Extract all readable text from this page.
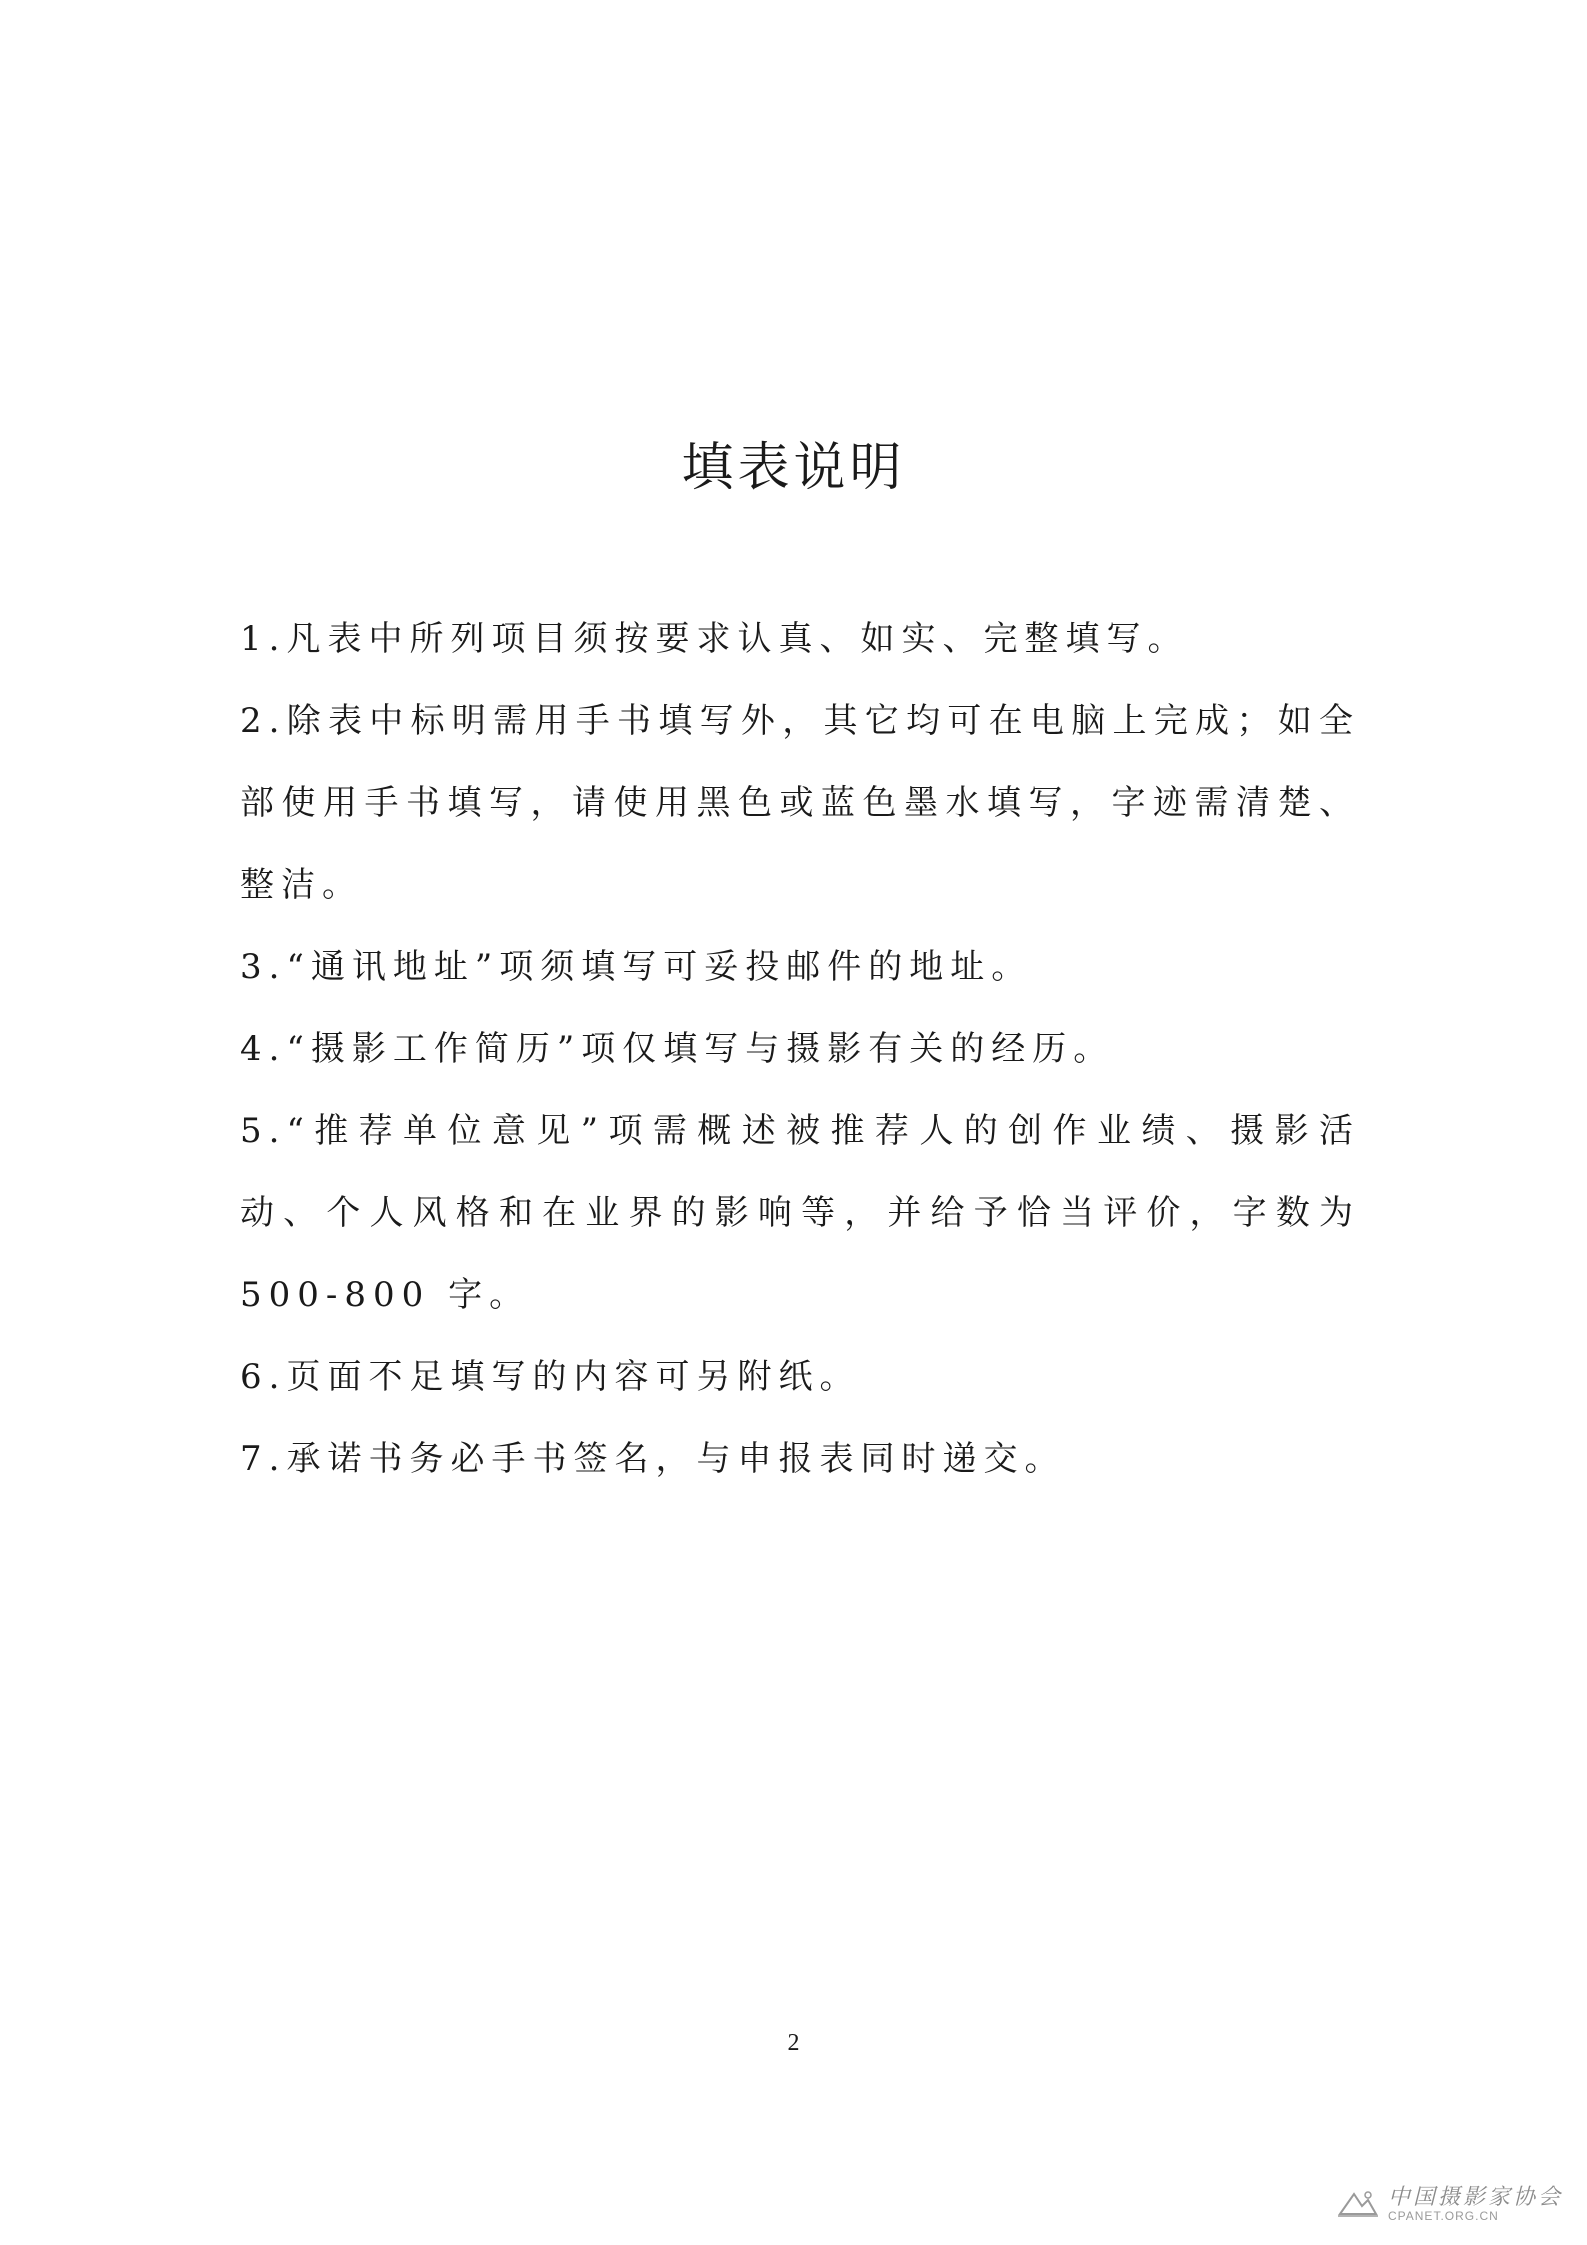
填表说明

1.凡表中所列项目须按要求认真、如实、完整填写。

2.除表中标明需用手书填写外，其它均可在电脑上完成；如全部使用手书填写，请使用黑色或蓝色墨水填写，字迹需清楚、整洁。

3.“通讯地址”项须填写可妥投邮件的地址。

4.“摄影工作简历”项仅填写与摄影有关的经历。

5.“推荐单位意见”项需概述被推荐人的创作业绩、摄影活动、个人风格和在业界的影响等，并给予恰当评价，字数为500-800 字。

6.页面不足填写的内容可另附纸。

7.承诺书务必手书签名，与申报表同时递交。

2

中国摄影家协会
CPANET.ORG.CN
